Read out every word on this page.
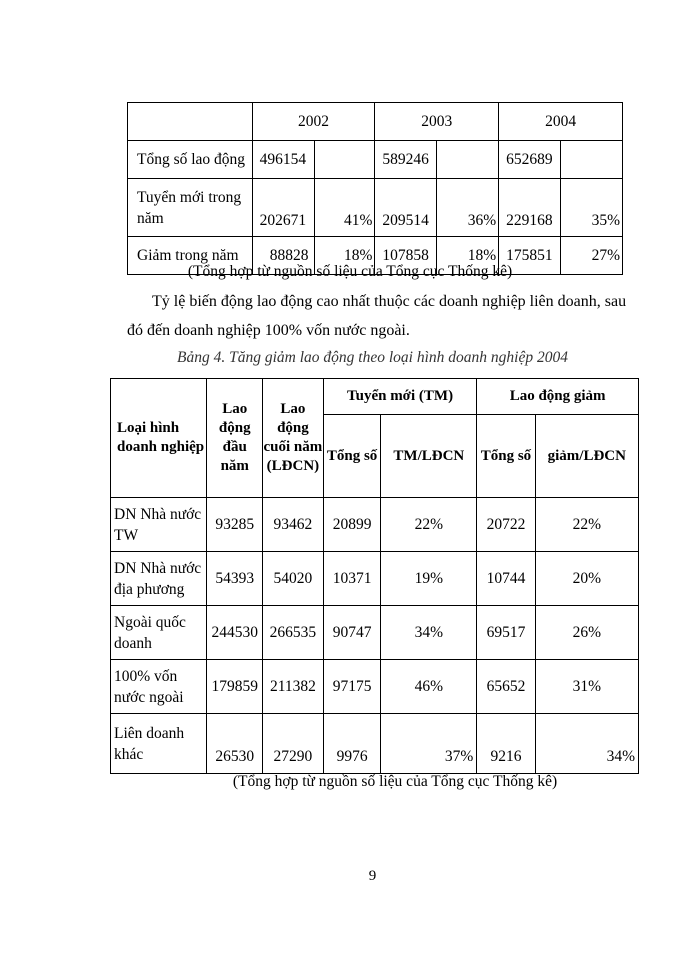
	2002		2003		2004	
Tổng số lao động	496154		589246		652689	
Tuyển mới trong năm	202671	41%	209514	36%	229168	35%
Giảm trong năm	88828	18%	107858	18%	175851	27%
(Tổng hợp từ nguồn số liệu của Tổng cục Thống kê)
Tỷ lệ biến động lao động cao nhất thuộc các doanh nghiệp liên doanh, sau
đó đến doanh nghiệp 100% vốn nước ngoài.
Bảng 4. Tăng giảm lao động theo loại hình doanh nghiệp 2004
Loại hình doanh nghiệp	Lao động đầu năm	Lao động cuối năm (LĐCN)	Tuyển mới (TM)		Lao động giảm	
			Tổng số	TM/LĐCN	Tổng số	giảm/LĐCN
DN Nhà nước TW	93285	93462	20899	22%	20722	22%
DN Nhà nước địa phương	54393	54020	10371	19%	10744	20%
Ngoài quốc doanh	244530	266535	90747	34%	69517	26%
100% vốn nước ngoài	179859	211382	97175	46%	65652	31%
Liên doanh khác	26530	27290	9976	37%	9216	34%
(Tổng hợp từ nguồn số liệu của Tổng cục Thống kê)
9
